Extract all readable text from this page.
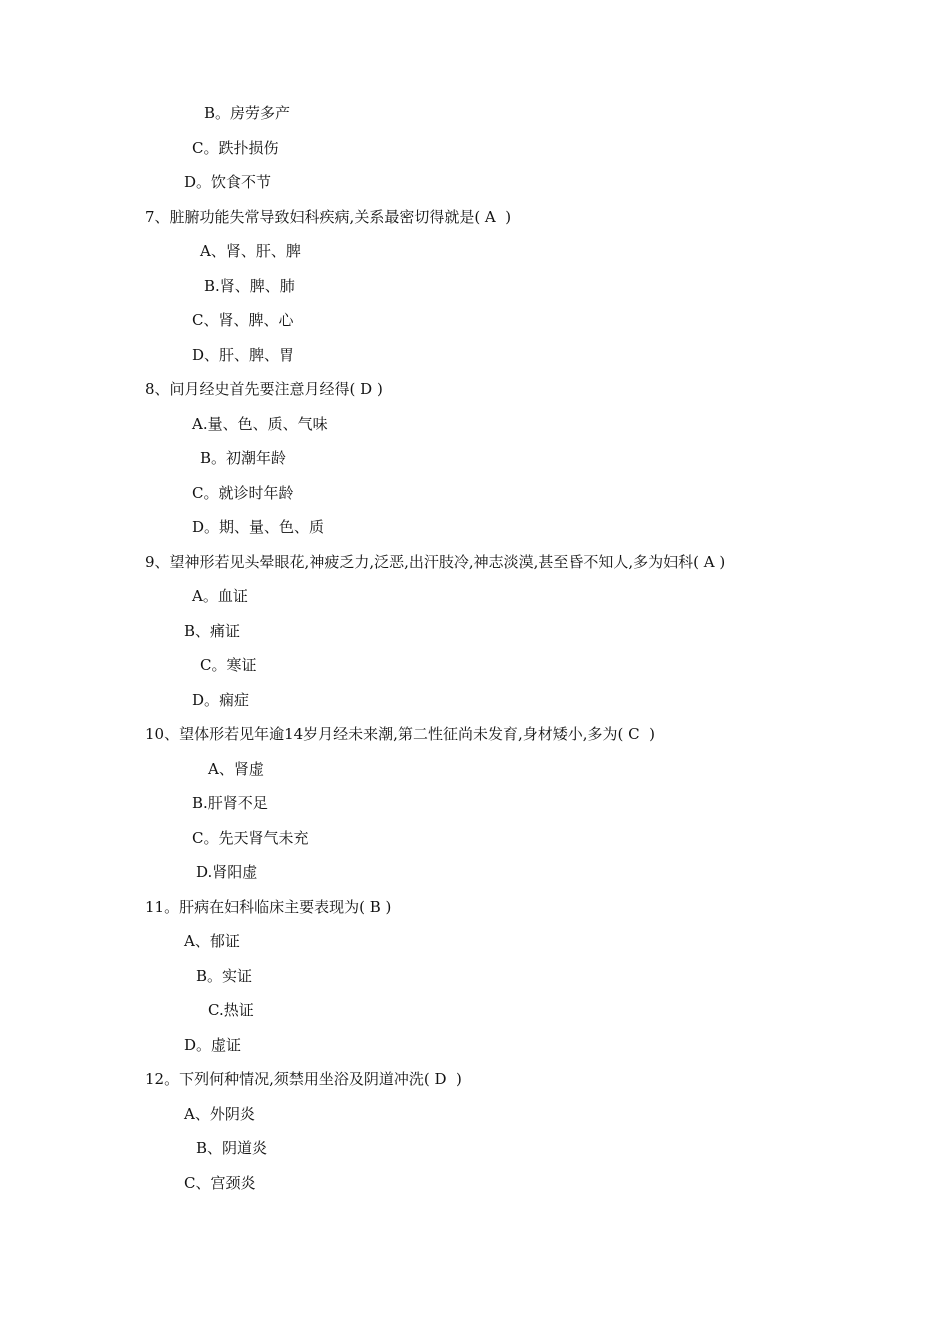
B。房劳多产
C。跌扑损伤
D。饮食不节
7、脏腑功能失常导致妇科疾病,关系最密切得就是( A  )
A、肾、肝、脾
B.肾、脾、肺
C、肾、脾、心
D、肝、脾、胃
8、问月经史首先要注意月经得( D )
A.量、色、质、气味
B。初潮年龄
C。就诊时年龄
D。期、量、色、质
9、望神形若见头晕眼花,神疲乏力,泛恶,出汗肢冷,神志淡漠,甚至昏不知人,多为妇科( A )
A。血证
B、痛证
C。寒证
D。痫症
10、望体形若见年逾14岁月经未来潮,第二性征尚未发育,身材矮小,多为( C  )
A、肾虚
B.肝肾不足
C。先天肾气未充
D.肾阳虚
11。肝病在妇科临床主要表现为( B )
A、郁证
B。实证
C.热证
D。虚证
12。下列何种情况,须禁用坐浴及阴道冲洗( D  )
A、外阴炎
B、阴道炎
C、宫颈炎
